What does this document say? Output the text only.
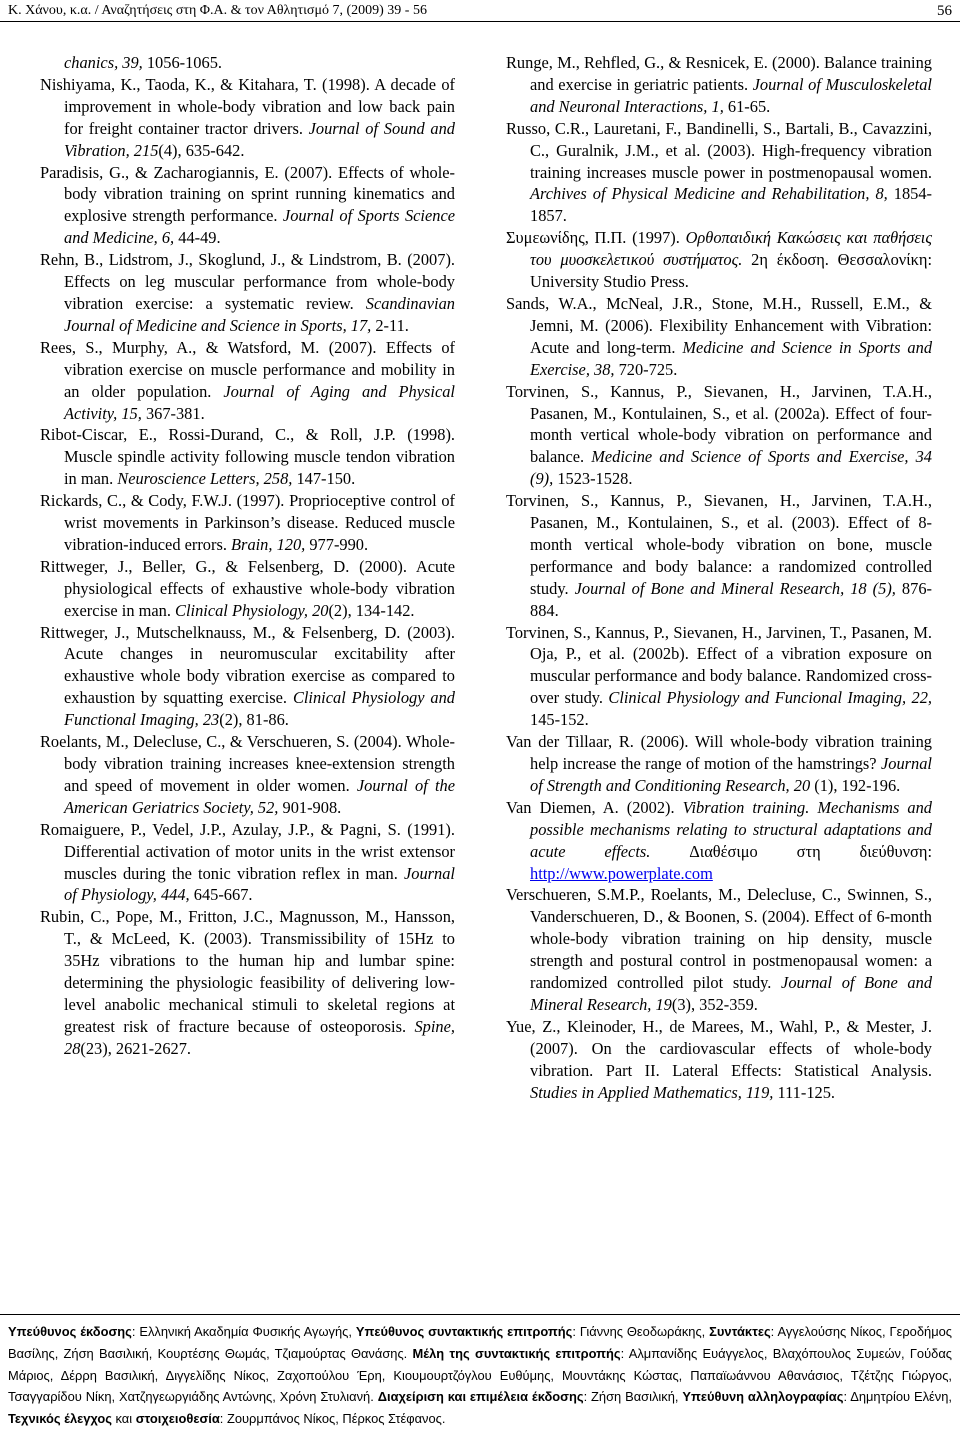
Κ. Χάνου, κ.α. / Αναζητήσεις στη Φ.Α. & τον Αθλητισμό 7, (2009) 39 - 56	56

chanics, 39, 1056-1065.

Nishiyama, K., Taoda, K., & Kitahara, T. (1998). A decade of improvement in whole-body vibration and low back pain for freight container tractor drivers. Journal of Sound and Vibration, 215(4), 635-642.

Paradisis, G., & Zacharogiannis, E. (2007). Effects of whole-body vibration training on sprint running kinematics and explosive strength performance. Journal of Sports Science and Medicine, 6, 44-49.

Rehn, B., Lidstrom, J., Skoglund, J., & Lindstrom, B. (2007). Effects on leg muscular performance from whole-body vibration exercise: a systematic review. Scandinavian Journal of Medicine and Science in Sports, 17, 2-11.

Rees, S., Murphy, A., & Watsford, M. (2007). Effects of vibration exercise on muscle performance and mobility in an older population. Journal of Aging and Physical Activity, 15, 367-381.

Ribot-Ciscar, E., Rossi-Durand, C., & Roll, J.P. (1998). Muscle spindle activity following muscle tendon vibration in man. Neuroscience Letters, 258, 147-150.

Rickards, C., & Cody, F.W.J. (1997). Proprioceptive control of wrist movements in Parkinson’s disease. Reduced muscle vibration-induced errors. Brain, 120, 977-990.

Rittweger, J., Beller, G., & Felsenberg, D. (2000). Acute physiological effects of exhaustive whole-body vibration exercise in man. Clinical Physiology, 20(2), 134-142.

Rittweger, J., Mutschelknauss, M., & Felsenberg, D. (2003). Acute changes in neuromuscular excitability after exhaustive whole body vibration exercise as compared to exhaustion by squatting exercise. Clinical Physiology and Functional Imaging, 23(2), 81-86.

Roelants, M., Delecluse, C., & Verschueren, S. (2004). Whole-body vibration training increases knee-extension strength and speed of movement in older women. Journal of the American Geriatrics Society, 52, 901-908.

Romaiguere, P., Vedel, J.P., Azulay, J.P., & Pagni, S. (1991). Differential activation of motor units in the wrist extensor muscles during the tonic vibration reflex in man. Journal of Physiology, 444, 645-667.

Rubin, C., Pope, M., Fritton, J.C., Magnusson, M., Hansson, T., & McLeed, K. (2003). Transmissibility of 15Hz to 35Hz vibrations to the human hip and lumbar spine: determining the physiologic feasibility of delivering low-level anabolic mechanical stimuli to skeletal regions at greatest risk of fracture because of osteoporosis. Spine, 28(23), 2621-2627.

Runge, M., Rehfled, G., & Resnicek, E. (2000). Balance training and exercise in geriatric patients. Journal of Musculoskeletal and Neuronal Interactions, 1, 61-65.

Russo, C.R., Lauretani, F., Bandinelli, S., Bartali, B., Cavazzini, C., Guralnik, J.M., et al. (2003). High-frequency vibration training increases muscle power in postmenopausal women. Archives of Physical Medicine and Rehabilitation, 8, 1854-1857.

Συμεωνίδης, Π.Π. (1997). Ορθοπαιδική Κακώσεις και παθήσεις του μυοσκελετικού συστήματος. 2η έκδοση. Θεσσαλονίκη: University Studio Press.

Sands, W.A., McNeal, J.R., Stone, M.H., Russell, E.M., & Jemni, M. (2006). Flexibility Enhancement with Vibration: Acute and long-term. Medicine and Science in Sports and Exercise, 38, 720-725.

Torvinen, S., Kannus, P., Sievanen, H., Jarvinen, T.A.H., Pasanen, M., Kontulainen, S., et al. (2002a). Effect of four-month vertical whole-body vibration on performance and balance. Medicine and Science of Sports and Exercise, 34 (9), 1523-1528.

Torvinen, S., Kannus, P., Sievanen, H., Jarvinen, T.A.H., Pasanen, M., Kontulainen, S., et al. (2003). Effect of 8-month vertical whole-body vibration on bone, muscle performance and body balance: a randomized controlled study. Journal of Bone and Mineral Research, 18 (5), 876-884.

Torvinen, S., Kannus, P., Sievanen, H., Jarvinen, T., Pasanen, M. Oja, P., et al. (2002b). Effect of a vibration exposure on muscular performance and body balance. Randomized cross-over study. Clinical Physiology and Funcional Imaging, 22, 145-152.

Van der Tillaar, R. (2006). Will whole-body vibration training help increase the range of motion of the hamstrings? Journal of Strength and Conditioning Research, 20 (1), 192-196.

Van Diemen, A. (2002). Vibration training. Mechanisms and possible mechanisms relating to structural adaptations and acute effects. Διαθέσιμο στη διεύθυνση: http://www.powerplate.com

Verschueren, S.M.P., Roelants, M., Delecluse, C., Swinnen, S., Vanderschueren, D., & Boonen, S. (2004). Effect of 6-month whole-body vibration training on hip density, muscle strength and postural control in postmenopausal women: a randomized controlled pilot study. Journal of Bone and Mineral Research, 19(3), 352-359.

Yue, Z., Kleinoder, H., de Marees, M., Wahl, P., & Mester, J. (2007). On the cardiovascular effects of whole-body vibration. Part II. Lateral Effects: Statistical Analysis. Studies in Applied Mathematics, 119, 111-125.

Υπεύθυνος έκδοσης: Ελληνική Ακαδημία Φυσικής Αγωγής, Υπεύθυνος συντακτικής επιτροπής: Γιάννης Θεοδωράκης, Συντάκτες: Αγγελούσης Νίκος, Γεροδήμος Βασίλης, Ζήση Βασιλική, Κουρτέσης Θωμάς, Τζιαμούρτας Θανάσης. Μέλη της συντακτικής επιτροπής: Αλμπανίδης Ευάγγελος, Βλαχόπουλος Συμεών, Γούδας Μάριος, Δέρρη Βασιλική, Διγγελίδης Νίκος, Ζαχοπούλου Έρη, Κιουμουρτζόγλου Ευθύμης, Μουντάκης Κώστας, Παπαϊωάννου Αθανάσιος, Τζέτζης Γιώργος, Τσαγγαρίδου Νίκη, Χατζηγεωργιάδης Αντώνης, Χρόνη Στυλιανή. Διαχείριση και επιμέλεια έκδοσης: Ζήση Βασιλική, Υπεύθυνη αλληλογραφίας: Δημητρίου Ελένη, Τεχνικός έλεγχος και στοιχειοθεσία: Ζουρμπάνος Νίκος, Πέρκος Στέφανος.
